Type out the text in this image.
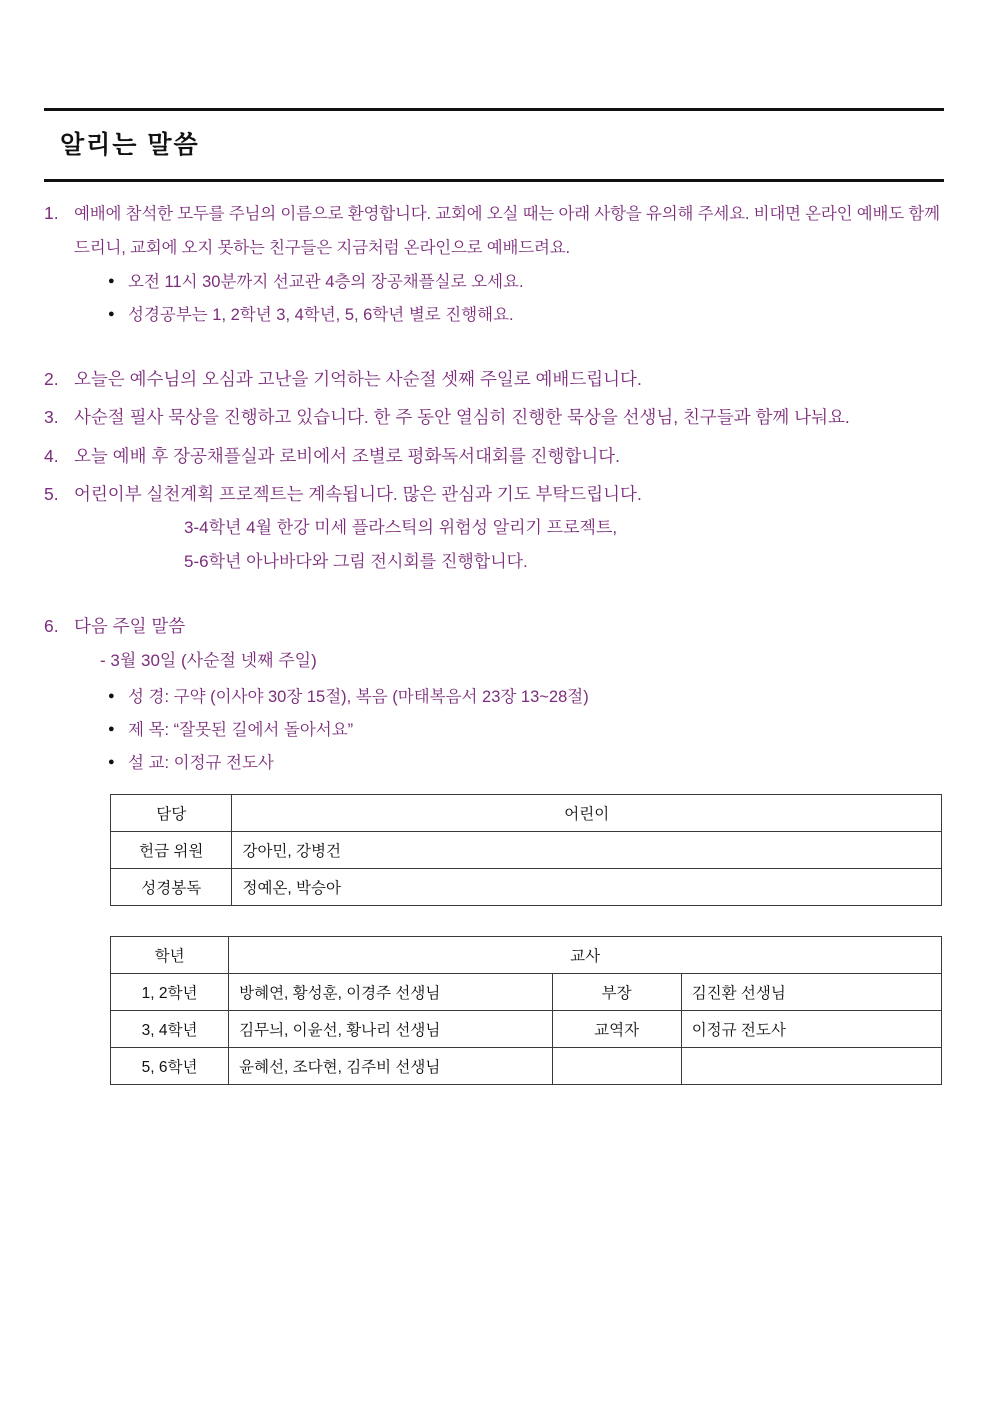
알리는 말씀
1. 예배에 참석한 모두를 주님의 이름으로 환영합니다. 교회에 오실 때는 아래 사항을 유의해 주세요. 비대면 온라인 예배도 함께 드리니, 교회에 오지 못하는 친구들은 지금처럼 온라인으로 예배드려요.
● 오전 11시 30분까지 선교관 4층의 장공채플실로 오세요.
● 성경공부는 1, 2학년 3, 4학년, 5, 6학년 별로 진행해요.
2. 오늘은 예수님의 오심과 고난을 기억하는 사순절 셋째 주일로 예배드립니다.
3. 사순절 필사 묵상을 진행하고 있습니다. 한 주 동안 열심히 진행한 묵상을 선생님, 친구들과 함께 나눠요.
4. 오늘 예배 후 장공채플실과 로비에서 조별로 평화독서대회를 진행합니다.
5. 어린이부 실천계획 프로젝트는 계속됩니다. 많은 관심과 기도 부탁드립니다.
3-4학년 4월 한강 미세 플라스틱의 위험성 알리기 프로젝트,
5-6학년 아나바다와 그림 전시회를 진행합니다.
6. 다음 주일 말씀
- 3월 30일 (사순절 넷째 주일)
● 성 경: 구약 (이사야 30장 15절), 복음 (마태복음서 23장 13~28절)
● 제 목: “잘못된 길에서 돌아서요”
● 설 교: 이정규 전도사
담당	어린이
헌금 위원	강아민, 강병건
성경봉독	정예온, 박승아
학년	교사		
1, 2학년	방혜연, 황성훈, 이경주 선생님	부장	김진환 선생님
3, 4학년	김무늬, 이윤선, 황나리 선생님	교역자	이정규 전도사
5, 6학년	윤혜선, 조다현, 김주비 선생님		
